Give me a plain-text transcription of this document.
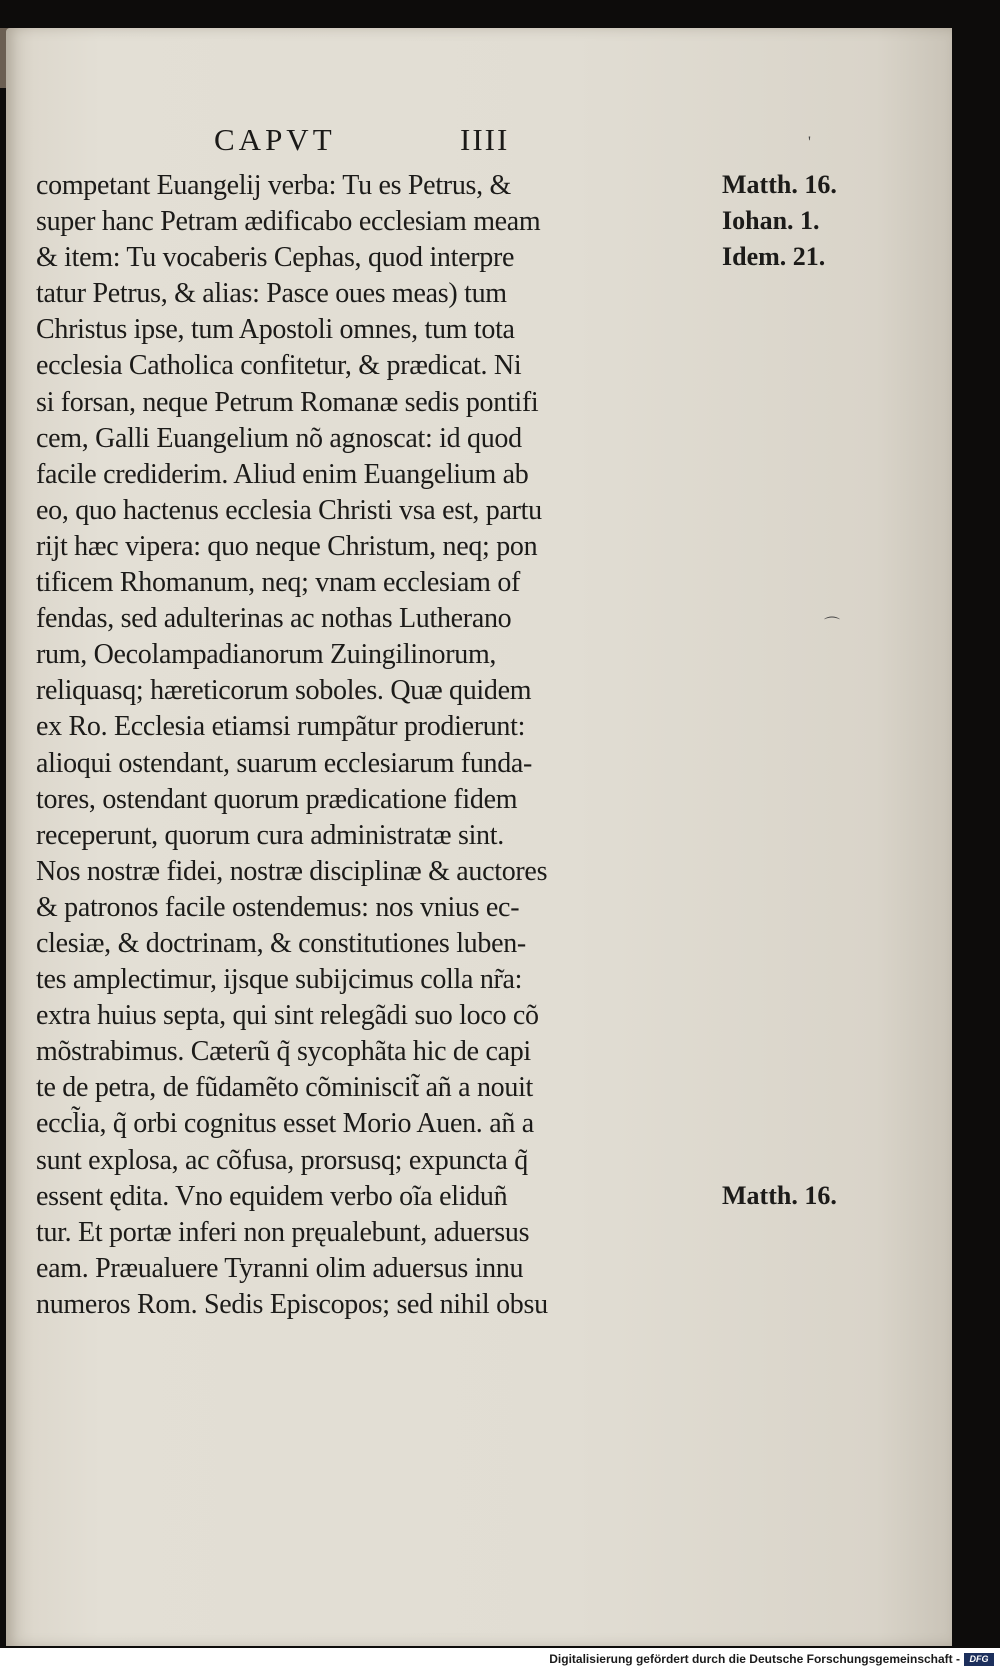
CAPVT	IIII
competant Euangelij verba: Tu es Petrus, &
super hanc Petram ædificabo ecclesiam meam
& item: Tu vocaberis Cephas, quod interpre
tatur Petrus, & alias: Pasce oues meas) tum
Christus ipse, tum Apostoli omnes, tum tota
ecclesia Catholica confitetur, & prædicat. Ni
si forsan, neque Petrum Romanæ sedis pontifi
cem, Galli Euangelium nõ agnoscat: id quod
facile crediderim. Aliud enim Euangelium ab
eo, quo hactenus ecclesia Christi vsa est, partu
rijt hæc vipera: quo neque Christum, neq; pon
tificem Rhomanum, neq; vnam ecclesiam of
fendas, sed adulterinas ac nothas Lutherano
rum, Oecolampadianorum Zuingilinorum,
reliquasq; hæreticorum soboles. Quæ quidem
ex Ro. Ecclesia etiamsi rumpãtur prodierunt:
alioqui ostendant, suarum ecclesiarum funda-
tores, ostendant quorum prædicatione fidem
receperunt, quorum cura administratæ sint.
Nos nostræ fidei, nostræ disciplinæ & auctores
& patronos facile ostendemus: nos vnius ec-
clesiæ, & doctrinam, & constitutiones luben-
tes amplectimur, ijsque subijcimus colla nr̃a:
extra huius septa, qui sint relegãdi suo loco cõ
mõstrabimus. Cæterũ q̃ sycophãta hic de capi
te de petra, de fũdamẽto cõminiscit̃ añ a nouit
eccl̃ia, q̃ orbi cognitus esset Morio Auen. añ a
sunt explosa, ac cõfusa, prorsusq; expuncta q̃
essent ędita. Vno equidem verbo oĩa eliduñ
tur. Et portæ inferi non pręualebunt, aduersus
eam. Præualuere Tyranni olim aduersus innu
numeros Rom. Sedis Episcopos; sed nihil obsu
Matth. 16.
Iohan. 1.
Idem. 21.
Matth. 16.
'
⌒
Digitalisierung gefördert durch die Deutsche Forschungsgemeinschaft -	DFG
